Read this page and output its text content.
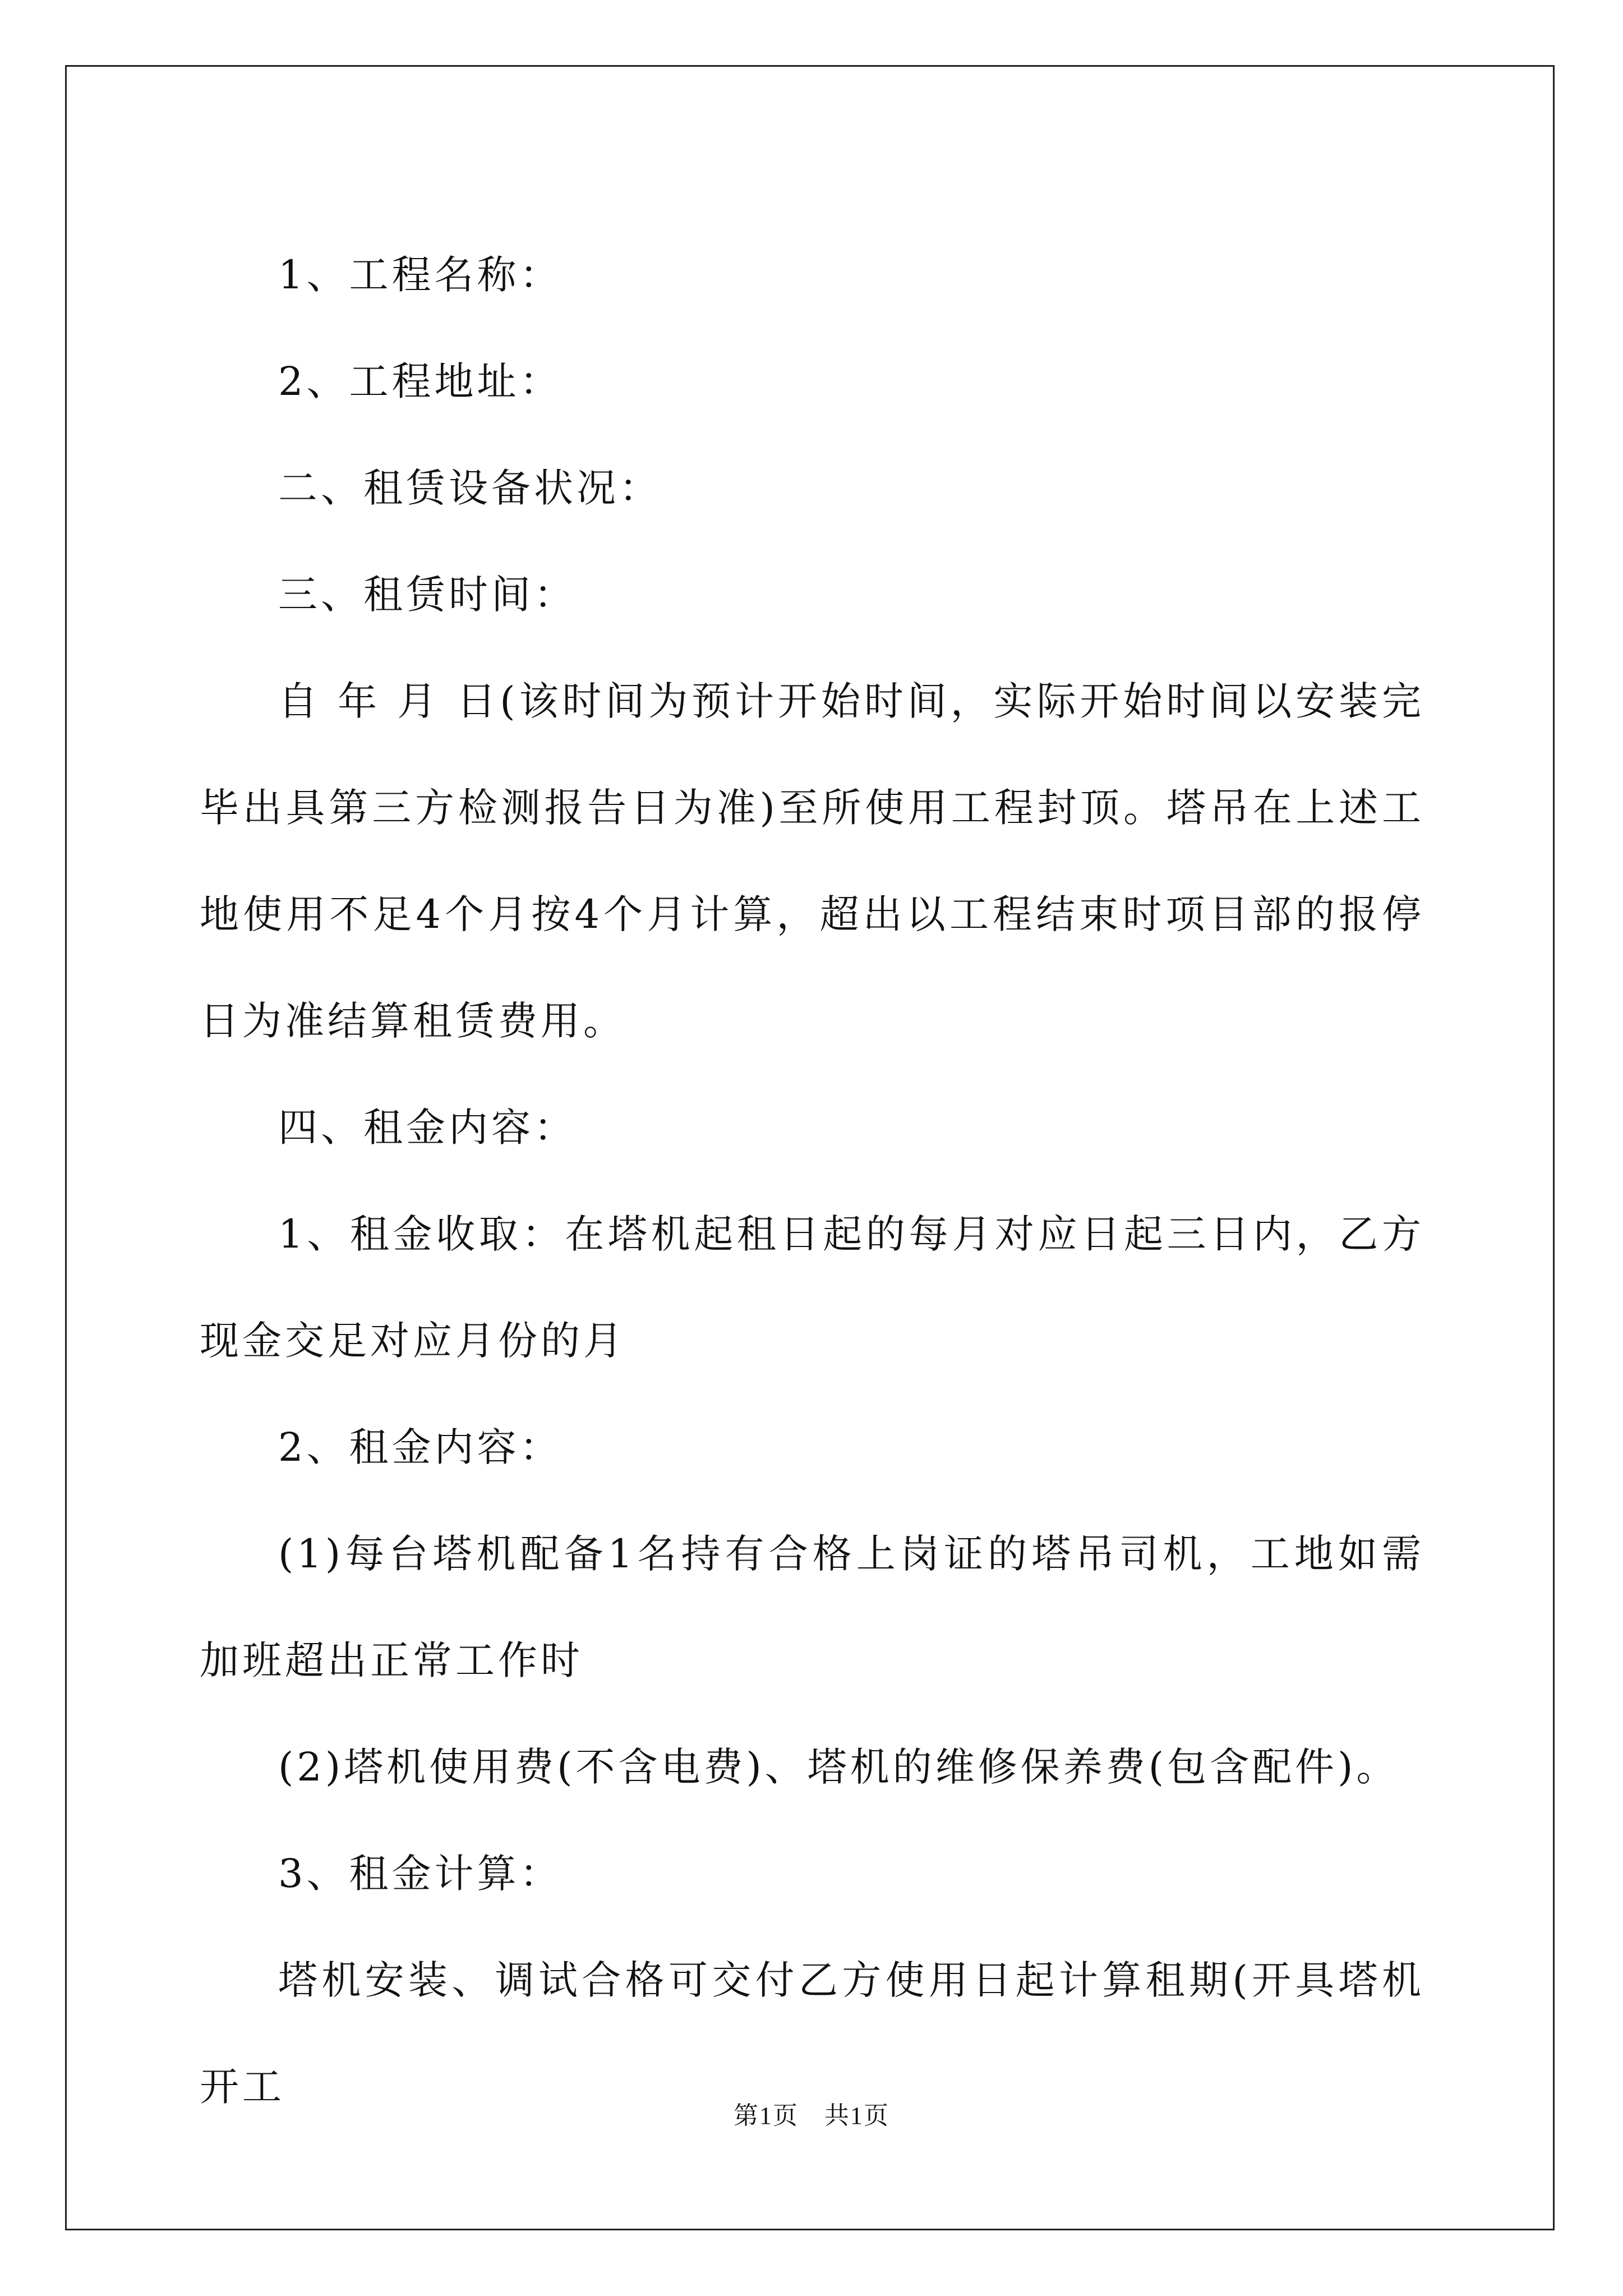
1、工程名称：

2、工程地址：

二、租赁设备状况：

三、租赁时间：

自 年 月 日(该时间为预计开始时间，实际开始时间以安装完毕出具第三方检测报告日为准)至所使用工程封顶。塔吊在上述工地使用不足4个月按4个月计算，超出以工程结束时项目部的报停日为准结算租赁费用。

四、租金内容：

1、租金收取：在塔机起租日起的每月对应日起三日内，乙方现金交足对应月份的月

2、租金内容：

(1)每台塔机配备1名持有合格上岗证的塔吊司机，工地如需加班超出正常工作时

(2)塔机使用费(不含电费)、塔机的维修保养费(包含配件)。

3、租金计算：

塔机安装、调试合格可交付乙方使用日起计算租期(开具塔机开工

第1页　共1页
